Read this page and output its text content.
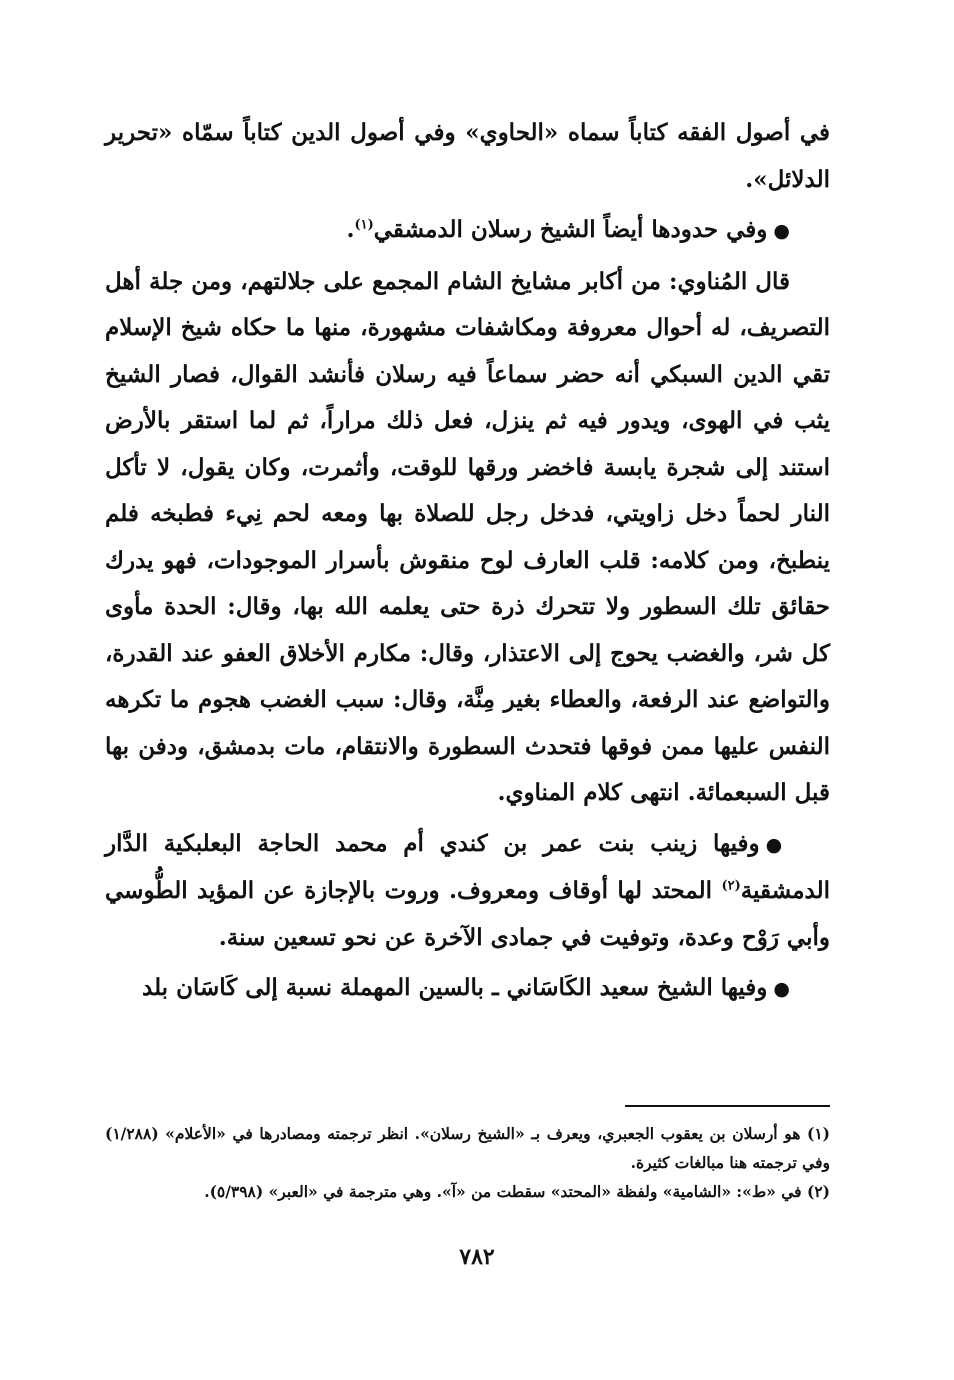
في أصول الفقه كتاباً سماه «الحاوي» وفي أصول الدين كتاباً سمّاه «تحرير الدلائل».

●وفي حدودها أيضاً الشيخ رسلان الدمشقي$^{(١)}$.

قال المُناوي: من أكابر مشايخ الشام المجمع على جلالتهم، ومن جلة أهل التصريف، له أحوال معروفة ومكاشفات مشهورة، منها ما حكاه شيخ الإسلام تقي الدين السبكي أنه حضر سماعاً فيه رسلان فأنشد القوال، فصار الشيخ يثب في الهوى، ويدور فيه ثم ينزل، فعل ذلك مراراً، ثم لما استقر بالأرض استند إلى شجرة يابسة فاخضر ورقها للوقت، وأثمرت، وكان يقول، لا تأكل النار لحماً دخل زاويتي، فدخل رجل للصلاة بها ومعه لحم نِيء فطبخه فلم ينطبخ، ومن كلامه: قلب العارف لوح منقوش بأسرار الموجودات، فهو يدرك حقائق تلك السطور ولا تتحرك ذرة حتى يعلمه الله بها، وقال: الحدة مأوى كل شر، والغضب يحوج إلى الاعتذار، وقال: مكارم الأخلاق العفو عند القدرة، والتواضع عند الرفعة، والعطاء بغير مِنَّة، وقال: سبب الغضب هجوم ما تكرهه النفس عليها ممن فوقها فتحدث السطورة والانتقام، مات بدمشق، ودفن بها قبل السبعمائة. انتهى كلام المناوي.

●وفيها زينب بنت عمر بن كندي أم محمد الحاجة البعلبكية الدَّار الدمشقية$^{(٢)}$ المحتد لها أوقاف ومعروف. وروت بالإجازة عن المؤيد الطُّوسي وأبي رَوْح وعدة، وتوفيت في جمادى الآخرة عن نحو تسعين سنة.

●وفيها الشيخ سعيد الكَاسَاني ـ بالسين المهملة نسبة إلى كَاسَان بلد

(١) هو أرسلان بن يعقوب الجعبري، ويعرف بـ «الشيخ رسلان». انظر ترجمته ومصادرها في «الأعلام» (١/٢٨٨) وفي ترجمته هنا مبالغات كثيرة.

(٢) في «ط»: «الشامية» ولفظة «المحتد» سقطت من «آ». وهي مترجمة في «العبر» (٥/٣٩٨).

٧٨٢
